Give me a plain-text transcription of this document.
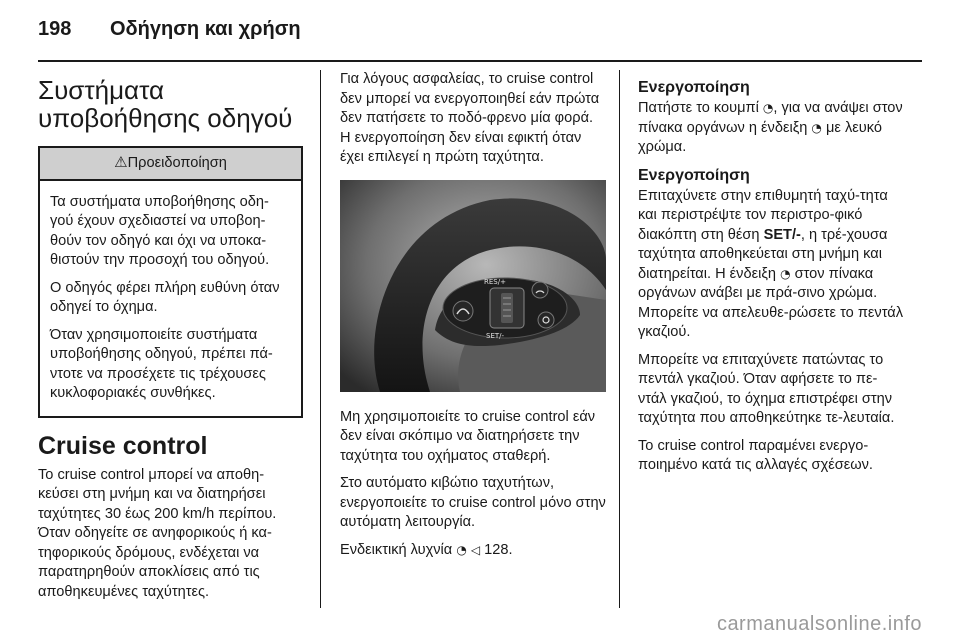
198 Οδήγηση και χρήση
Συστήματα
υποβοήθησης οδηγού
⚠Προειδοποίηση

Τα συστήματα υποβοήθησης οδη-γού έχουν σχεδιαστεί να υποβοη-θούν τον οδηγό και όχι να υποκα-θιστούν την προσοχή του οδηγού.

Ο οδηγός φέρει πλήρη ευθύνη όταν οδηγεί το όχημα.

Όταν χρησιμοποιείτε συστήματα υποβοήθησης οδηγού, πρέπει πά-ντοτε να προσέχετε τις τρέχουσες κυκλοφοριακές συνθήκες.

Cruise control

Το cruise control μπορεί να αποθη-κεύσει στη μνήμη και να διατηρήσει ταχύτητες 30 έως 200 km/h περίπου. Όταν οδηγείτε σε ανηφορικούς ή κα-τηφορικούς δρόμους, ενδέχεται να παρατηρηθούν αποκλίσεις από τις αποθηκευμένες ταχύτητες.

Για λόγους ασφαλείας, το cruise control δεν μπορεί να ενεργοποιηθεί εάν πρώτα δεν πατήσετε το ποδό-φρενο μία φορά. Η ενεργοποίηση δεν είναι εφικτή όταν έχει επιλεγεί η πρώτη ταχύτητα.

RES/+
SET/-

Μη χρησιμοποιείτε το cruise control εάν δεν είναι σκόπιμο να διατηρήσετε την ταχύτητα του οχήματος σταθερή.

Στο αυτόματο κιβώτιο ταχυτήτων, ενεργοποιείτε το cruise control μόνο στην αυτόματη λειτουργία.

Ενδεικτική λυχνία ◔ ◁ 128.

Ενεργοποίηση

Πατήστε το κουμπί ◔, για να ανάψει στον πίνακα οργάνων η ένδειξη ◔ με λευκό χρώμα.

Ενεργοποίηση

Επιταχύνετε στην επιθυμητή ταχύ-τητα και περιστρέψτε τον περιστρο-φικό διακόπτη στη θέση SET/-, η τρέ-χουσα ταχύτητα αποθηκεύεται στη μνήμη και διατηρείται. Η ένδειξη ◔ στον πίνακα οργάνων ανάβει με πρά-σινο χρώμα. Μπορείτε να απελευθε-ρώσετε το πεντάλ γκαζιού.

Μπορείτε να επιταχύνετε πατώντας το πεντάλ γκαζιού. Όταν αφήσετε το πε-ντάλ γκαζιού, το όχημα επιστρέφει στην ταχύτητα που αποθηκεύτηκε τε-λευταία.

Το cruise control παραμένει ενεργο-ποιημένο κατά τις αλλαγές σχέσεων.

carmanualsonline.info
